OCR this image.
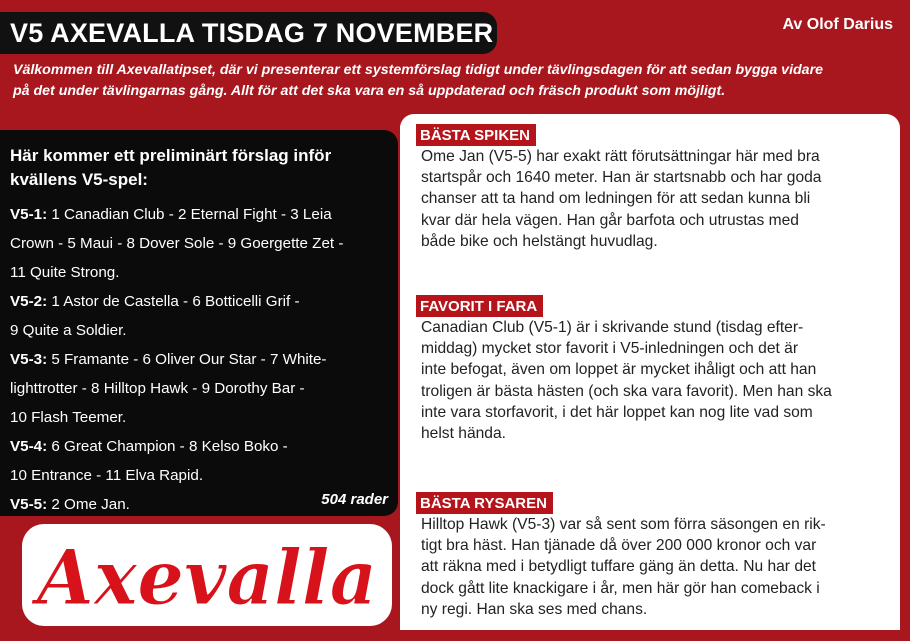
V5 AXEVALLA TISDAG 7 NOVEMBER	Av Olof Darius
Välkommen till Axevallatipset, där vi presenterar ett systemförslag tidigt under tävlingsdagen för att sedan bygga vidare
på det under tävlingarnas gång. Allt för att det ska vara en så uppdaterad och fräsch produkt som möjligt.
Här kommer ett preliminärt förslag inför
kvällens V5-spel:
V5-1: 1 Canadian Club - 2 Eternal Fight - 3 Leia
Crown - 5 Maui - 8 Dover Sole - 9 Goergette Zet -
11 Quite Strong.
V5-2: 1 Astor de Castella - 6 Botticelli Grif -
9 Quite a Soldier.
V5-3: 5 Framante - 6 Oliver Our Star - 7 White-
lighttrotter - 8 Hilltop Hawk - 9 Dorothy Bar -
10 Flash Teemer.
V5-4: 6 Great Champion - 8 Kelso Boko -
10 Entrance - 11 Elva Rapid.
V5-5: 2 Ome Jan.	504 rader
Axevalla
BÄSTA SPIKEN

Ome Jan (V5-5) har exakt rätt förutsättningar här med bra
startspår och 1640 meter. Han är startsnabb och har goda
chanser att ta hand om ledningen för att sedan kunna bli
kvar där hela vägen. Han går barfota och utrustas med
både bike och helstängt huvudlag.

FAVORIT I FARA

Canadian Club (V5-1) är i skrivande stund (tisdag efter-
middag) mycket stor favorit i V5-inledningen och det är
inte befogat, även om loppet är mycket ihåligt och att han
troligen är bästa hästen (och ska vara favorit). Men han ska
inte vara storfavorit, i det här loppet kan nog lite vad som
helst hända.

BÄSTA RYSAREN

Hilltop Hawk (V5-3) var så sent som förra säsongen en rik-
tigt bra häst. Han tjänade då över 200 000 kronor och var
att räkna med i betydligt tuffare gäng än detta. Nu har det
dock gått lite knackigare i år, men här gör han comeback i
ny regi. Han ska ses med chans.
